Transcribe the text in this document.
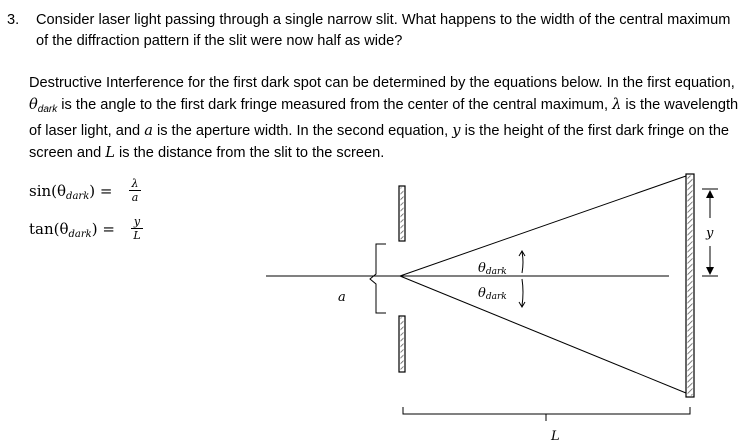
3. Consider laser light passing through a single narrow slit. What happens to the width of the central maximum of the diffraction pattern if the slit were now half as wide?
Destructive Interference for the first dark spot can be determined by the equations below. In the first equation, $\theta_{dark}$ is the angle to the first dark fringe measured from the center of the central maximum, λ is the wavelength of laser light, and a is the aperture width. In the second equation, y is the height of the first dark fringe on the screen and L is the distance from the slit to the screen.
$\sin(\theta_{dark}) = \lambda$
a
$\tan(\theta_{dark}) = y$
L
a
θdark
θdark
y
L
